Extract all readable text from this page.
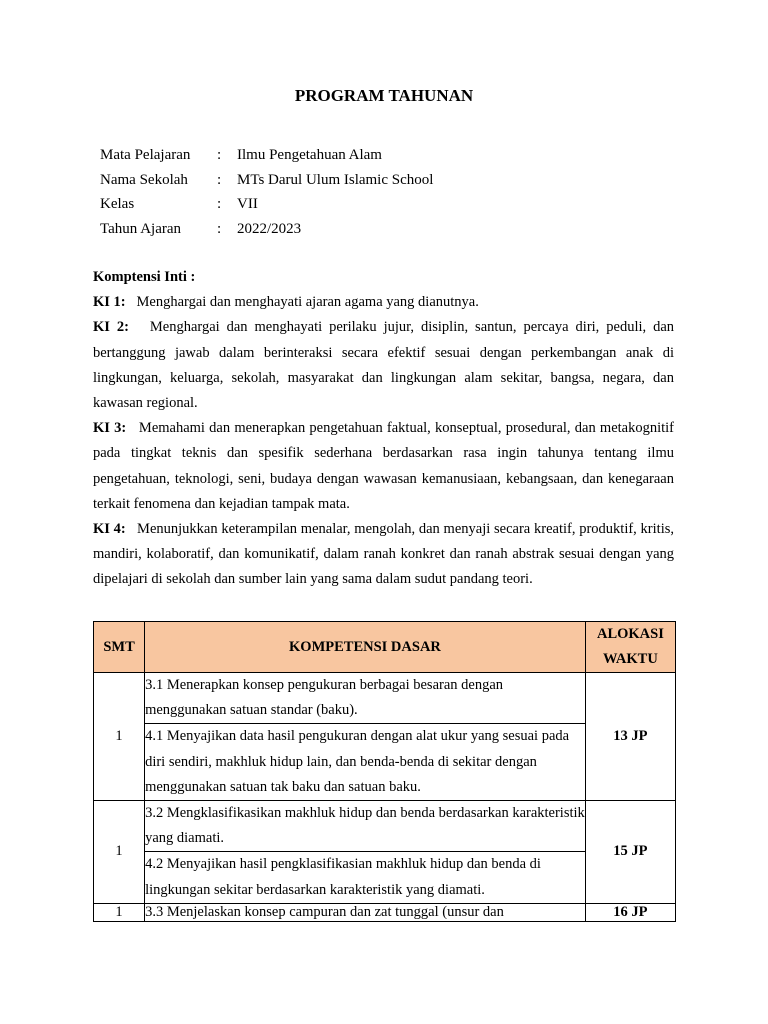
PROGRAM TAHUNAN
Mata Pelajaran	:	Ilmu Pengetahuan Alam
Nama Sekolah	:	MTs Darul Ulum Islamic School
Kelas	:	VII
Tahun Ajaran	:	2022/2023
Komptensi Inti :

KI 1: Menghargai dan menghayati ajaran agama yang dianutnya.

KI 2: Menghargai dan menghayati perilaku jujur, disiplin, santun, percaya diri, peduli, dan bertanggung jawab dalam berinteraksi secara efektif sesuai dengan perkembangan anak di lingkungan, keluarga, sekolah, masyarakat dan lingkungan alam sekitar, bangsa, negara, dan kawasan regional.

KI 3: Memahami dan menerapkan pengetahuan faktual, konseptual, prosedural, dan metakognitif pada tingkat teknis dan spesifik sederhana berdasarkan rasa ingin tahunya tentang ilmu pengetahuan, teknologi, seni, budaya dengan wawasan kemanusiaan, kebangsaan, dan kenegaraan terkait fenomena dan kejadian tampak mata.

KI 4: Menunjukkan keterampilan menalar, mengolah, dan menyaji secara kreatif, produktif, kritis, mandiri, kolaboratif, dan komunikatif, dalam ranah konkret dan ranah abstrak sesuai dengan yang dipelajari di sekolah dan sumber lain yang sama dalam sudut pandang teori.

SMT	KOMPETENSI DASAR	ALOKASI WAKTU
1	3.1 Menerapkan konsep pengukuran berbagai besaran dengan menggunakan satuan standar (baku).	13 JP
	4.1 Menyajikan data hasil pengukuran dengan alat ukur yang sesuai pada diri sendiri, makhluk hidup lain, dan benda-benda di sekitar dengan menggunakan satuan tak baku dan satuan baku.	
1	3.2 Mengklasifikasikan makhluk hidup dan benda berdasarkan karakteristik yang diamati.	15 JP
	4.2 Menyajikan hasil pengklasifikasian makhluk hidup dan benda di lingkungan sekitar berdasarkan karakteristik yang diamati.	
1	3.3 Menjelaskan konsep campuran dan zat tunggal (unsur dan	16 JP
